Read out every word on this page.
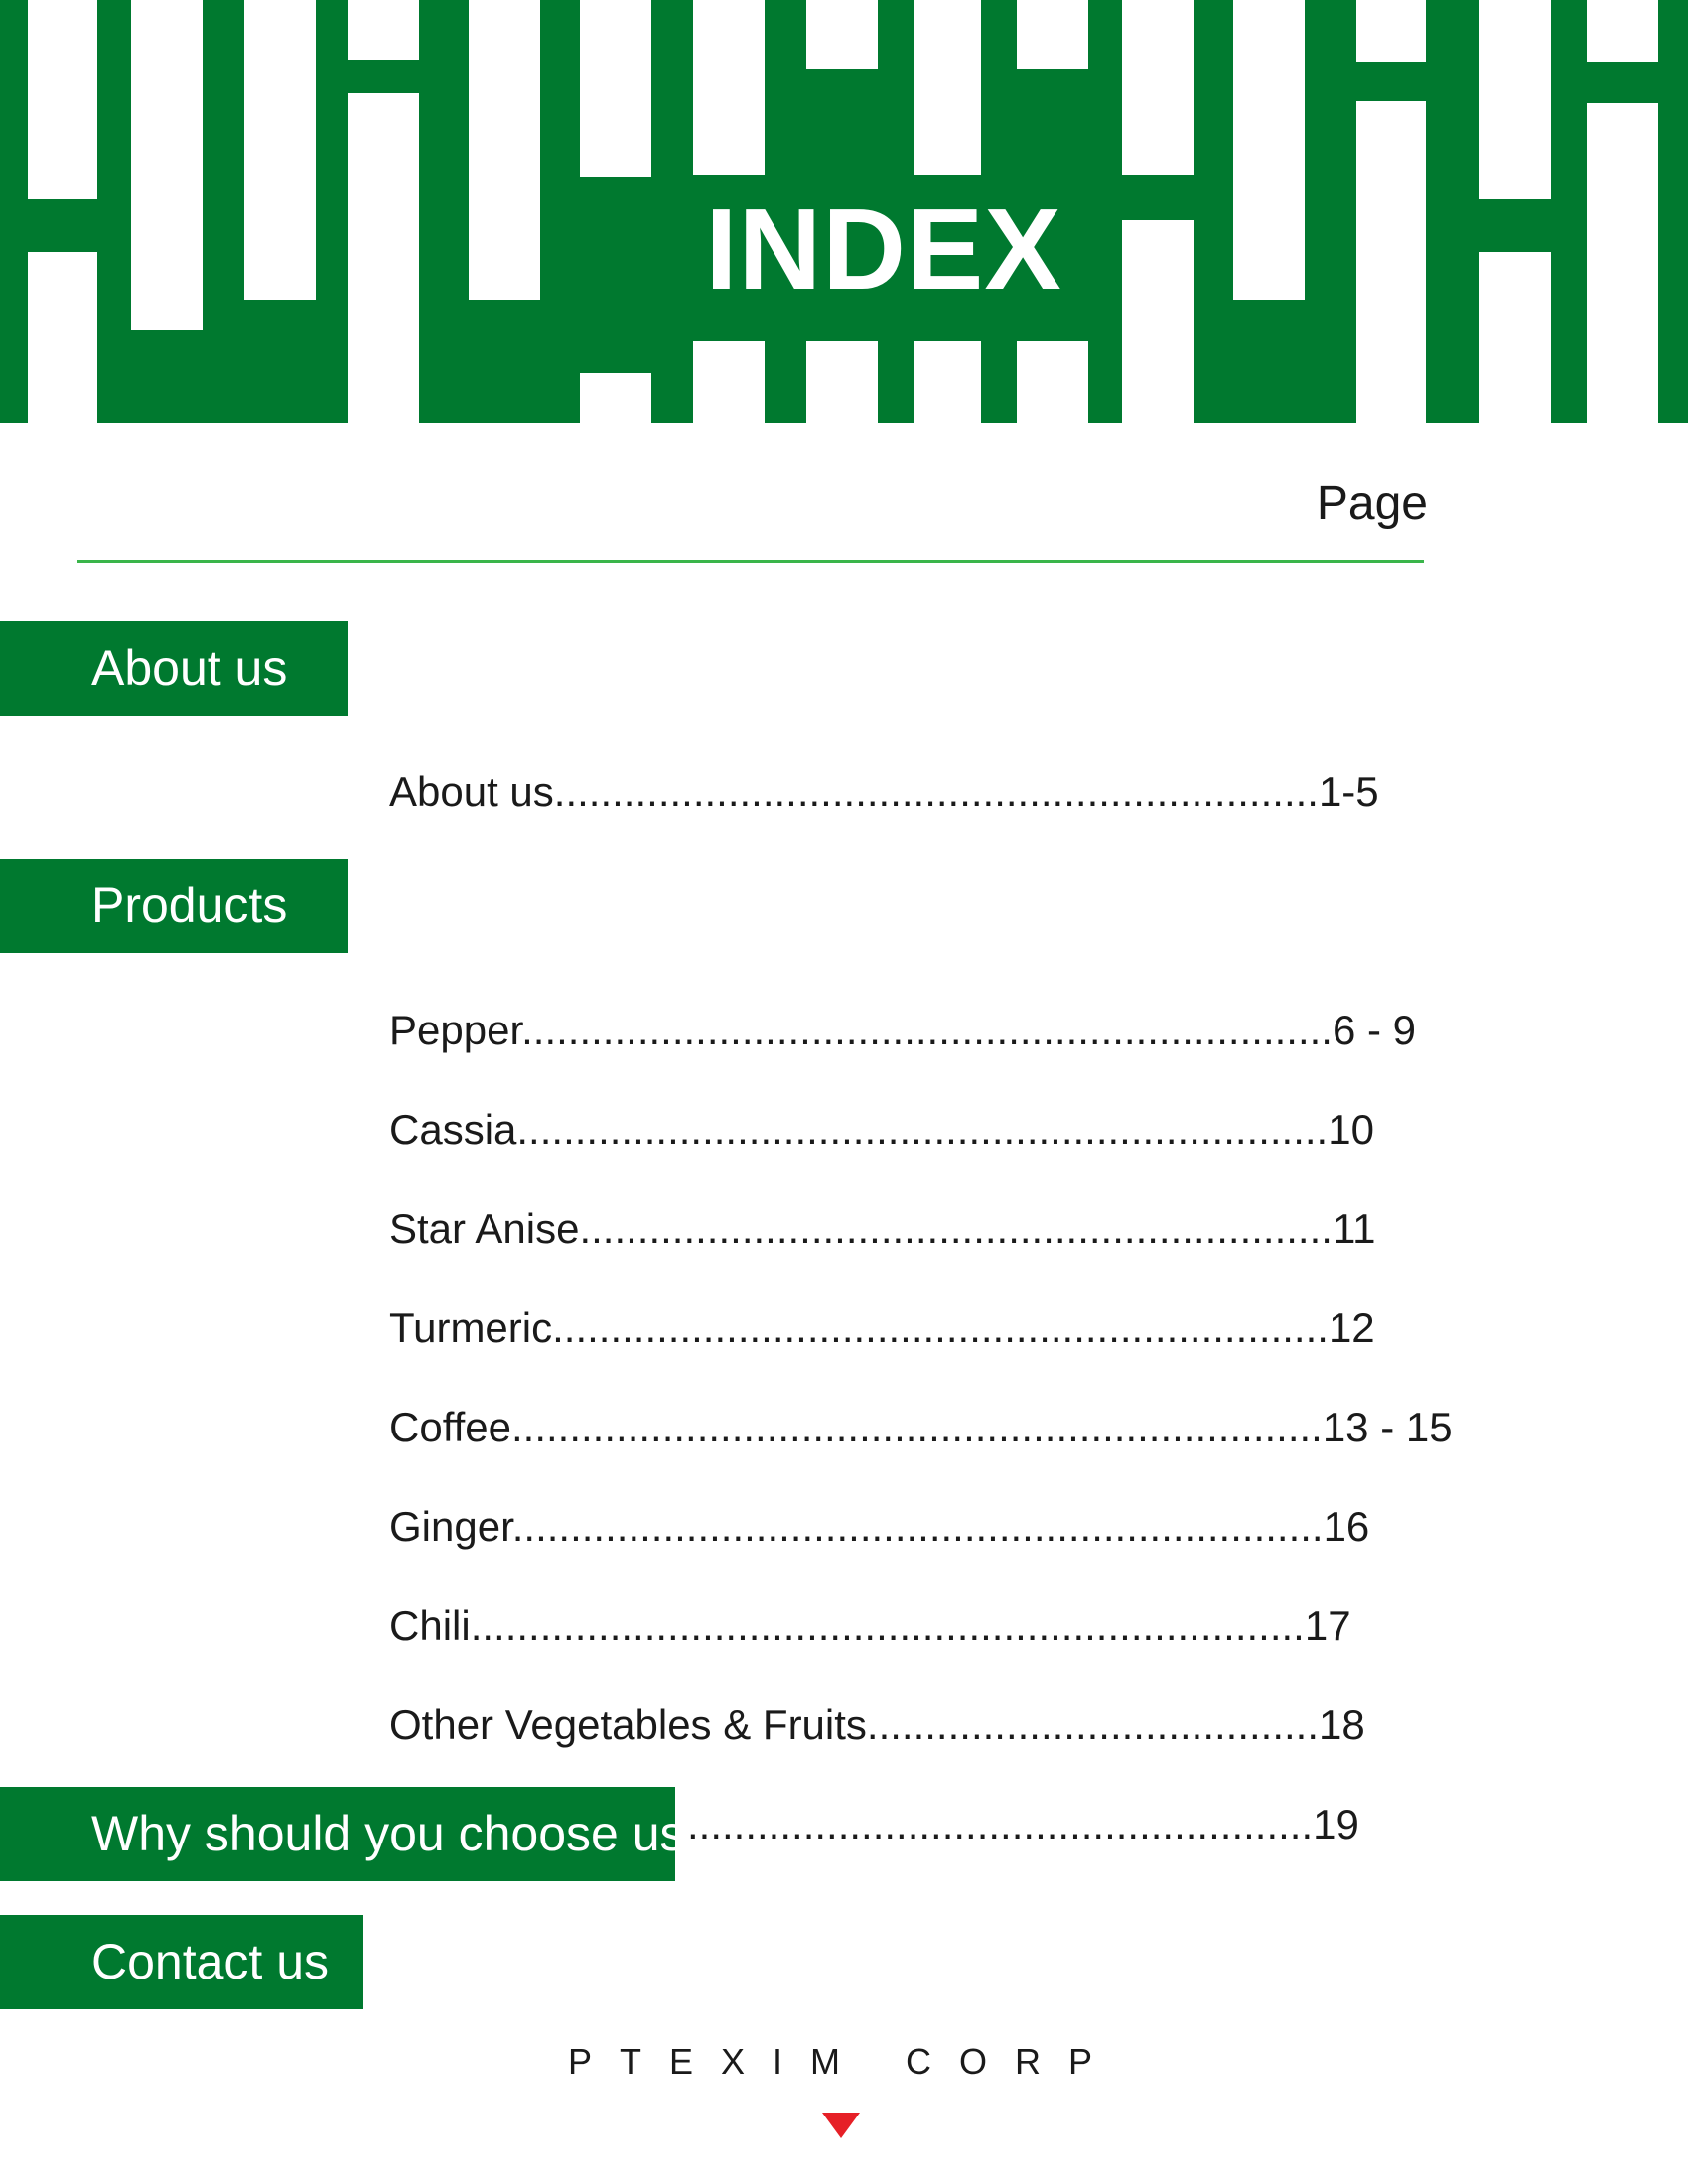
INDEX
Page
About us
About us..................................................................1-5
Products
Pepper......................................................................6 - 9
Cassia......................................................................10
Star Anise.................................................................11
Turmeric...................................................................12
Coffee......................................................................13 - 15
Ginger......................................................................16
Chili........................................................................17
Other Vegetables & Fruits.......................................18
Why should you choose us?
......................................................19
Contact us
PTEXIM CORP
